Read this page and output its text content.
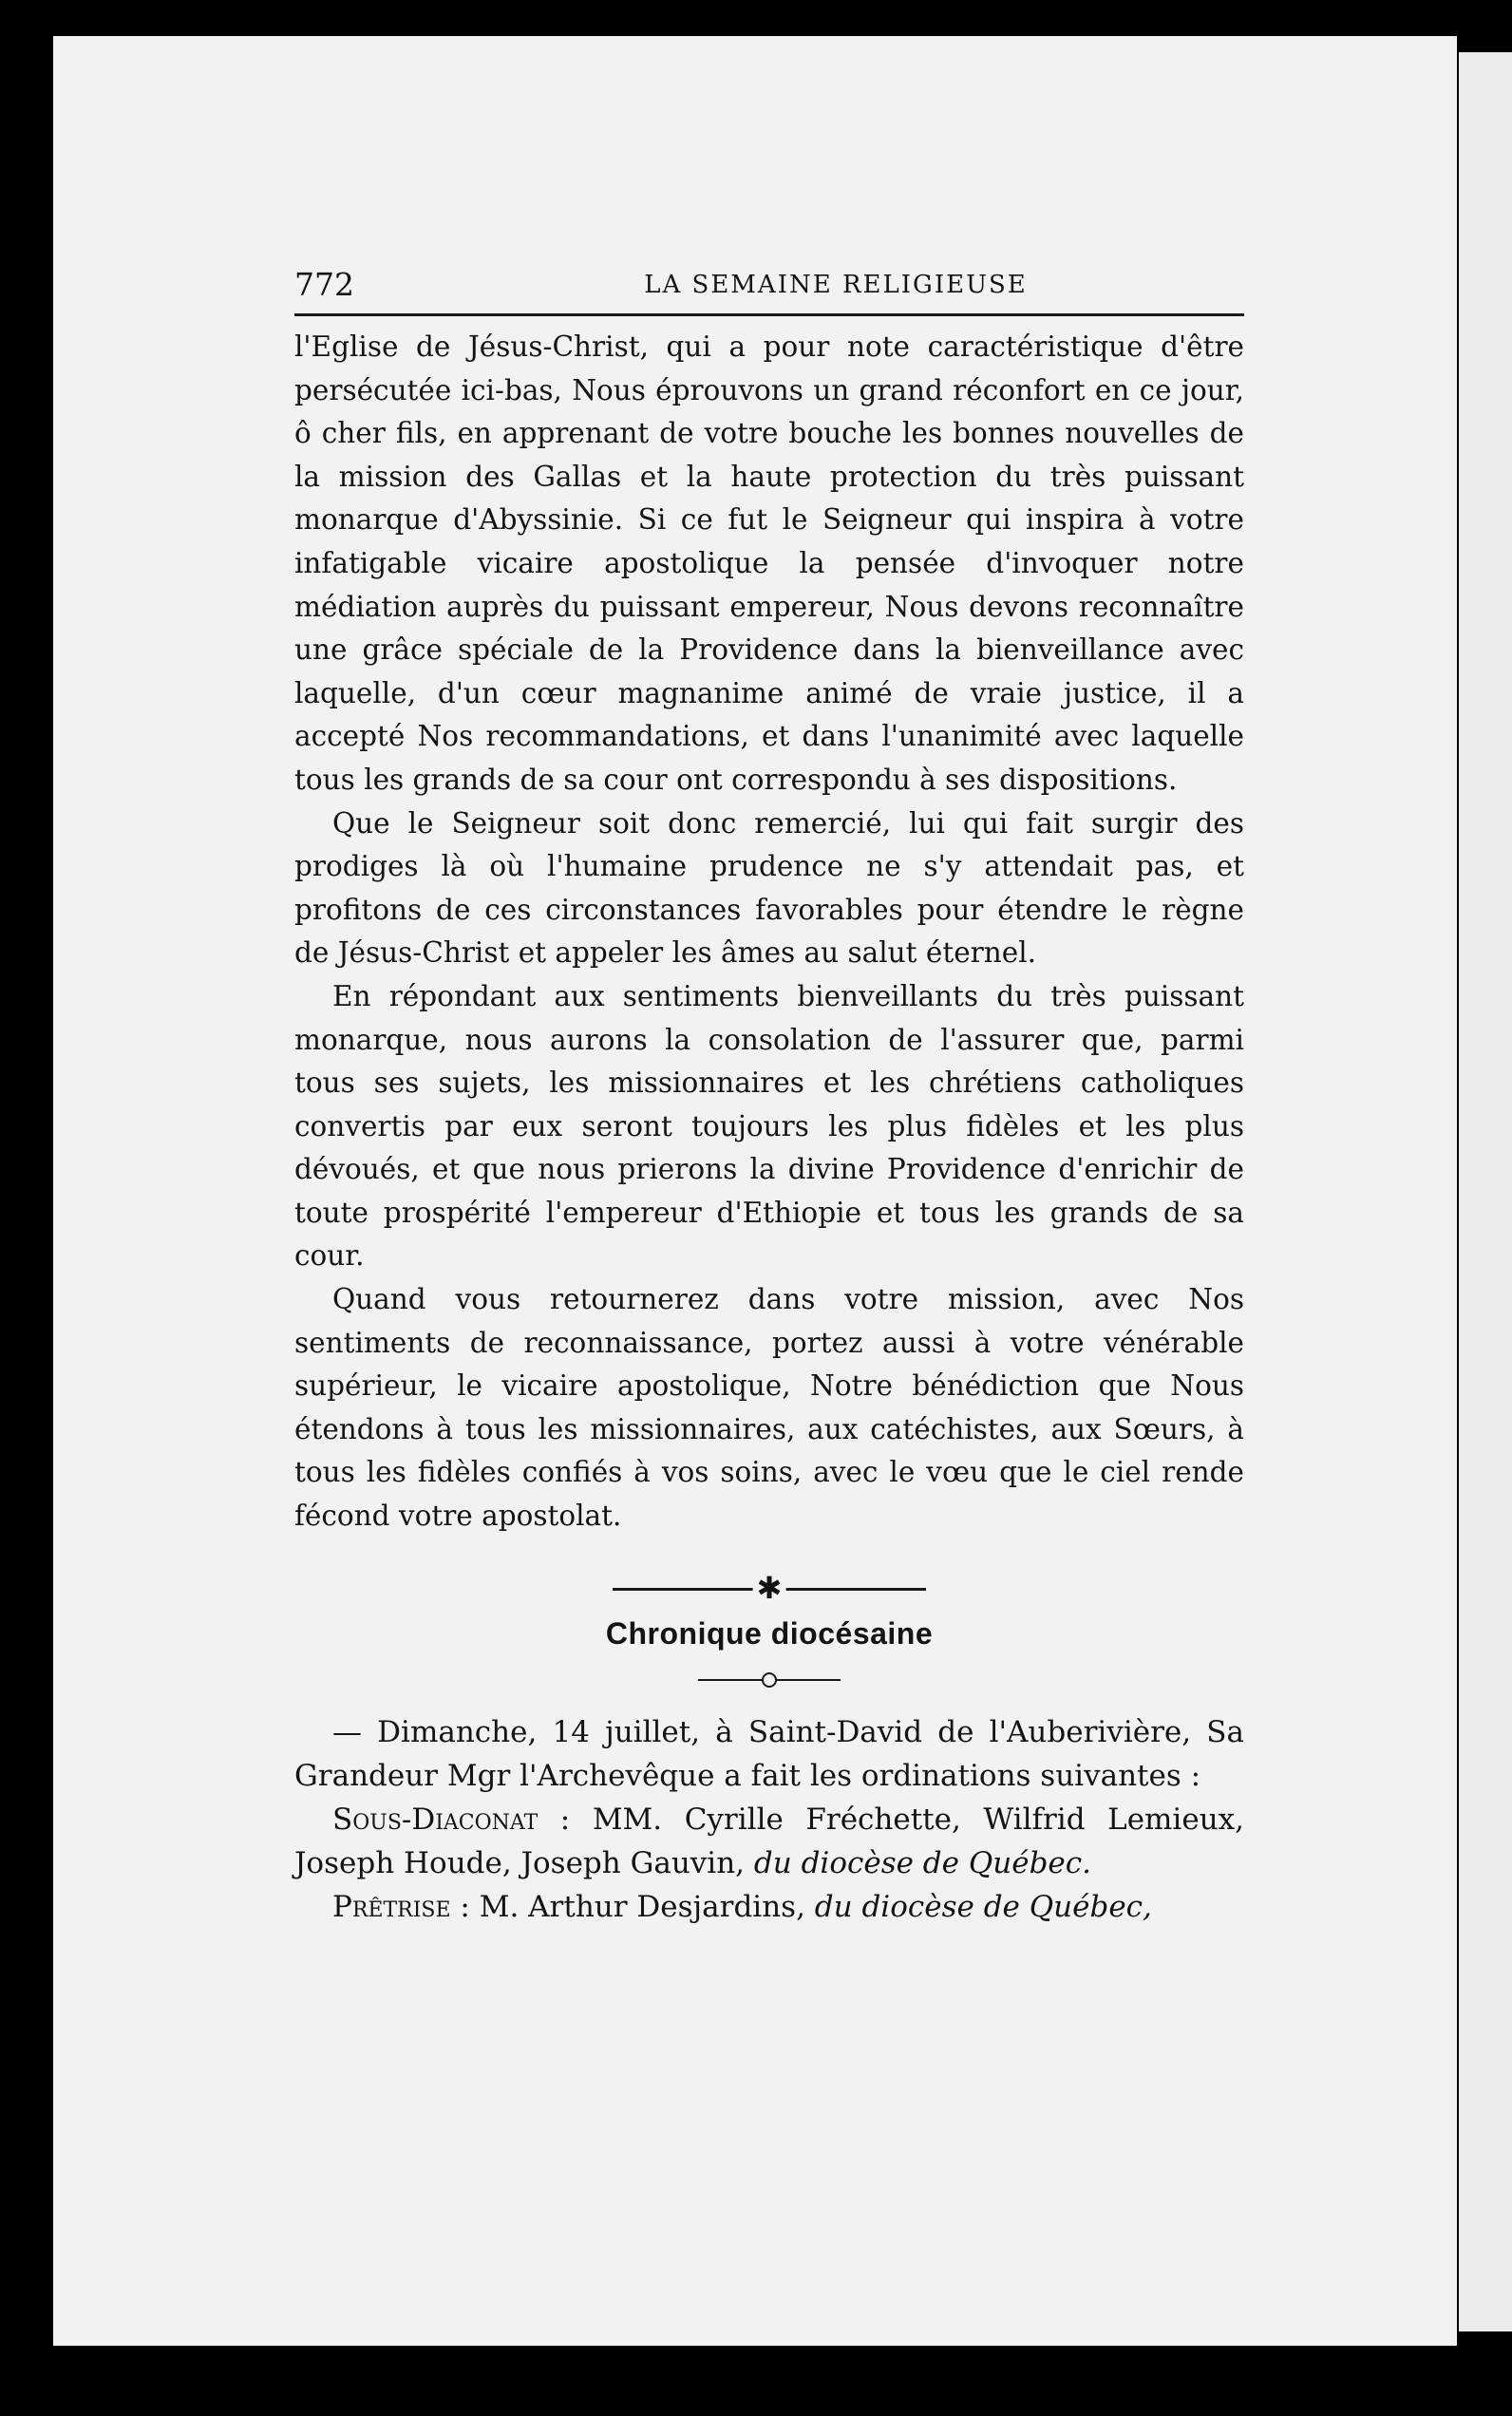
772	LA SEMAINE RELIGIEUSE

l'Eglise de Jésus-Christ, qui a pour note caractéristique d'être persécutée ici-bas, Nous éprouvons un grand réconfort en ce jour, ô cher fils, en apprenant de votre bouche les bonnes nouvelles de la mission des Gallas et la haute protection du très puissant monarque d'Abyssinie. Si ce fut le Seigneur qui inspira à votre infatigable vicaire apostolique la pensée d'invoquer notre médiation auprès du puissant empereur, Nous devons reconnaître une grâce spéciale de la Providence dans la bienveillance avec laquelle, d'un cœur magnanime animé de vraie justice, il a accepté Nos recommandations, et dans l'unanimité avec laquelle tous les grands de sa cour ont correspondu à ses dispositions.

Que le Seigneur soit donc remercié, lui qui fait surgir des prodiges là où l'humaine prudence ne s'y attendait pas, et profitons de ces circonstances favorables pour étendre le règne de Jésus-Christ et appeler les âmes au salut éternel.

En répondant aux sentiments bienveillants du très puissant monarque, nous aurons la consolation de l'assurer que, parmi tous ses sujets, les missionnaires et les chrétiens catholiques convertis par eux seront toujours les plus fidèles et les plus dévoués, et que nous prierons la divine Providence d'enrichir de toute prospérité l'empereur d'Ethiopie et tous les grands de sa cour.

Quand vous retournerez dans votre mission, avec Nos sentiments de reconnaissance, portez aussi à votre vénérable supérieur, le vicaire apostolique, Notre bénédiction que Nous étendons à tous les missionnaires, aux catéchistes, aux Sœurs, à tous les fidèles confiés à vos soins, avec le vœu que le ciel rende fécond votre apostolat.

✱
Chronique diocésaine

— Dimanche, 14 juillet, à Saint-David de l'Auberivière, Sa Grandeur Mgr l'Archevêque a fait les ordinations suivantes :

Sous-Diaconat : MM. Cyrille Fréchette, Wilfrid Lemieux, Joseph Houde, Joseph Gauvin, du diocèse de Québec.

Prêtrise : M. Arthur Desjardins, du diocèse de Québec,
